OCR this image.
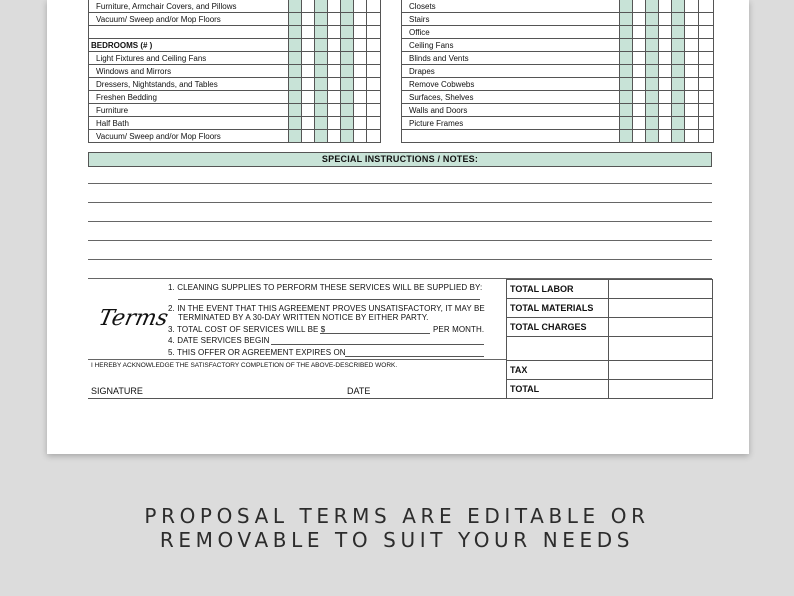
Furniture, Armchair Covers, and Pillows							
Vacuum/ Sweep and/or Mop Floors							

BEDROOMS (# )							
Light Fixtures and Ceiling Fans							
Windows and Mirrors							
Dressers, Nightstands, and Tables							
Freshen Bedding							
Furniture							
Half Bath							
Vacuum/ Sweep and/or Mop Floors							
Closets							
Stairs							
Office							
Ceiling Fans							
Blinds and Vents							
Drapes							
Remove Cobwebs							
Surfaces, Shelves							
Walls and Doors							
Picture Frames							

SPECIAL INSTRUCTIONS / NOTES:
Terms
1. CLEANING SUPPLIES TO PERFORM THESE SERVICES WILL BE SUPPLIED BY:
2. IN THE EVENT THAT THIS AGREEMENT PROVES UNSATISFACTORY, IT MAY BE
TERMINATED BY A 30-DAY WRITTEN NOTICE BY EITHER PARTY.
3. TOTAL COST OF SERVICES WILL BE $	PER MONTH.
4. DATE SERVICES BEGIN
5. THIS OFFER OR AGREEMENT EXPIRES ON
TOTAL LABOR	
TOTAL MATERIALS	
TOTAL CHARGES	

TAX	
TOTAL	
I HEREBY ACKNOWLEDGE THE SATISFACTORY COMPLETION OF THE ABOVE-DESCRIBED WORK.
SIGNATURE	DATE
PROPOSAL TERMS ARE EDITABLE OR
REMOVABLE TO SUIT YOUR NEEDS
